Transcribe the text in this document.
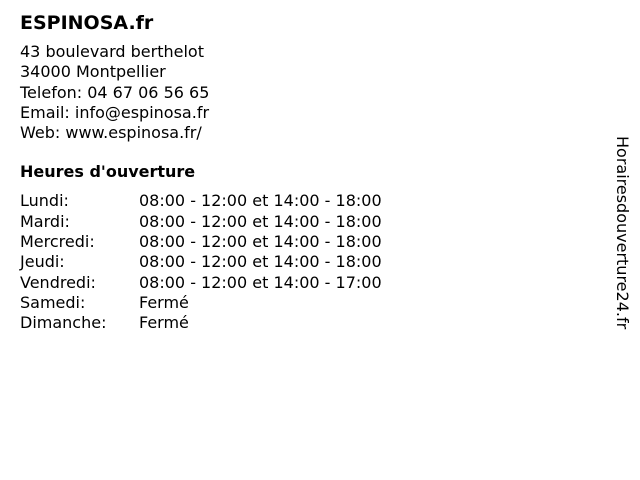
ESPINOSA.fr
43 boulevard berthelot
34000 Montpellier
Telefon: 04 67 06 56 65
Email: info@espinosa.fr
Web: www.espinosa.fr/
Heures d'ouverture
Lundi:	08:00 - 12:00 et 14:00 - 18:00
Mardi:	08:00 - 12:00 et 14:00 - 18:00
Mercredi:	08:00 - 12:00 et 14:00 - 18:00
Jeudi:	08:00 - 12:00 et 14:00 - 18:00
Vendredi:	08:00 - 12:00 et 14:00 - 17:00
Samedi:	Fermé
Dimanche:	Fermé	Horairesdouverture24.fr
